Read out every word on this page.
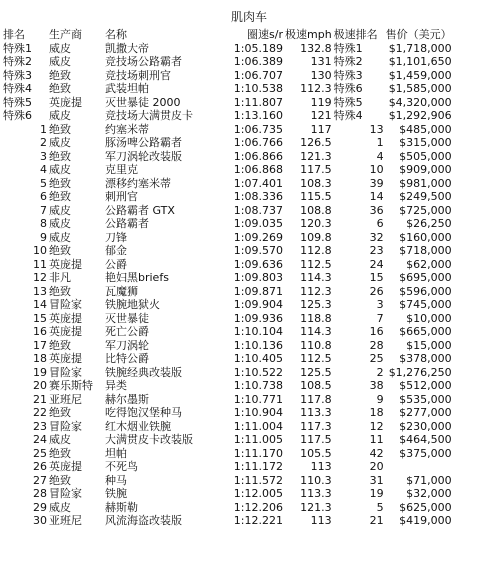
肌肉车
排名	生产商	名称	圈速s/r	极速mph	极速排名	售价（美元）
特殊1	威皮	凯撒大帝	1:05.189	132.8	特殊1	$1,718,000
特殊2	威皮	竞技场公路霸者	1:06.389	131	特殊2	$1,101,650
特殊3	绝致	竞技场刺刑官	1:06.707	130	特殊3	$1,459,000
特殊4	绝致	武装坦帕	1:10.538	112.3	特殊6	$1,585,000
特殊5	英庞提	灭世暴徒 2000	1:11.807	119	特殊5	$4,320,000
特殊6	威皮	竞技场大满贯皮卡	1:13.160	121	特殊4	$1,292,906
1	绝致	约塞米蒂	1:06.735	117	13	$485,000
2	威皮	豚汤啤公路霸者	1:06.766	126.5	1	$315,000
3	绝致	军刀涡轮改装版	1:06.866	121.3	4	$505,000
4	威皮	克里克	1:06.868	117.5	10	$909,000
5	绝致	漂移约塞米蒂	1:07.401	108.3	39	$981,000
6	绝致	刺刑官	1:08.336	115.5	14	$249,500
7	威皮	公路霸者 GTX	1:08.737	108.8	36	$725,000
8	威皮	公路霸者	1:09.035	120.3	6	$26,250
9	威皮	刀锋	1:09.269	109.8	32	$160,000
10	绝致	郁金	1:09.570	112.8	23	$718,000
11	英庞提	公爵	1:09.636	112.5	24	$62,000
12	非凡	艳妇黑briefs	1:09.803	114.3	15	$695,000
13	绝致	瓦魔狮	1:09.871	112.3	26	$596,000
14	冒险家	铁腕地狱火	1:09.904	125.3	3	$745,000
15	英庞提	灭世暴徒	1:09.936	118.8	7	$10,000
16	英庞提	死亡公爵	1:10.104	114.3	16	$665,000
17	绝致	军刀涡轮	1:10.136	110.8	28	$15,000
18	英庞提	比特公爵	1:10.405	112.5	25	$378,000
19	冒险家	铁腕经典改装版	1:10.522	125.5	2	$1,276,250
20	赛乐斯特	异类	1:10.738	108.5	38	$512,000
21	亚班尼	赫尔墨斯	1:10.771	117.8	9	$535,000
22	绝致	吃得饱汉堡种马	1:10.904	113.3	18	$277,000
23	冒险家	红木烟业铁腕	1:11.004	117.3	12	$230,000
24	威皮	大满贯皮卡改装版	1:11.005	117.5	11	$464,500
25	绝致	坦帕	1:11.170	105.5	42	$375,000
26	英庞提	不死鸟	1:11.172	113	20	
27	绝致	种马	1:11.572	110.3	31	$71,000
28	冒险家	铁腕	1:12.005	113.3	19	$32,000
29	威皮	赫斯勒	1:12.206	121.3	5	$625,000
30	亚班尼	风流海盗改装版	1:12.221	113	21	$419,000
